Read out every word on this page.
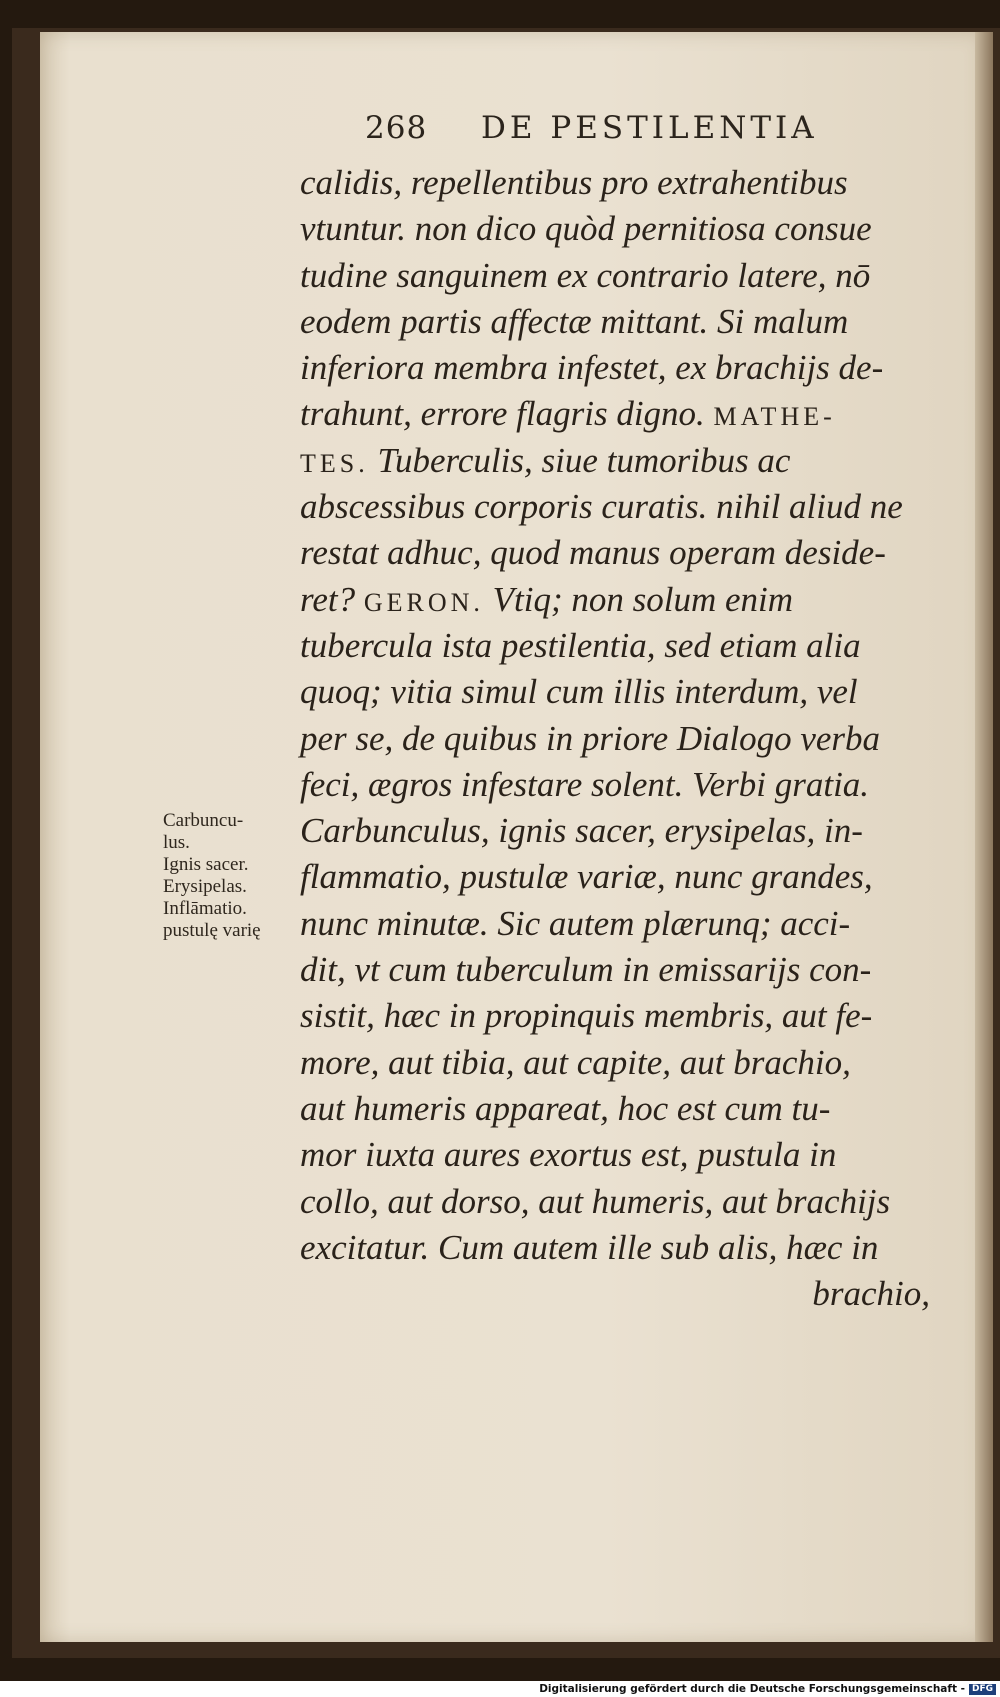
268 DE PESTILENTIA
calidis, repellentibus pro extrahentibus
vtuntur. non dico quòd pernitiosa consue
tudine sanguinem ex contrario latere, nō
eodem partis affectæ mittant. Si malum
inferiora membra infestet, ex brachijs de-
trahunt, errore flagris digno. MATHE-
TES. Tuberculis, siue tumoribus ac
abscessibus corporis curatis. nihil aliud ne
restat adhuc, quod manus operam deside-
ret? GERON. Vtiq; non solum enim
tubercula ista pestilentia, sed etiam alia
quoq; vitia simul cum illis interdum, vel
per se, de quibus in priore Dialogo verba
feci, ægros infestare solent. Verbi gratia.
Carbunculus, ignis sacer, erysipelas, in-
flammatio, pustulæ variæ, nunc grandes,
nunc minutæ. Sic autem plærunq; acci-
dit, vt cum tuberculum in emissarijs con-
sistit, hæc in propinquis membris, aut fe-
more, aut tibia, aut capite, aut brachio,
aut humeris appareat, hoc est cum tu-
mor iuxta aures exortus est, pustula in
collo, aut dorso, aut humeris, aut brachijs
excitatur. Cum autem ille sub alis, hæc in
brachio,
Carbuncu-
lus.
Ignis sacer.
Erysipelas.
Inflāmatio.
pustulę varię
Digitalisierung gefördert durch die Deutsche Forschungsgemeinschaft - DFG
